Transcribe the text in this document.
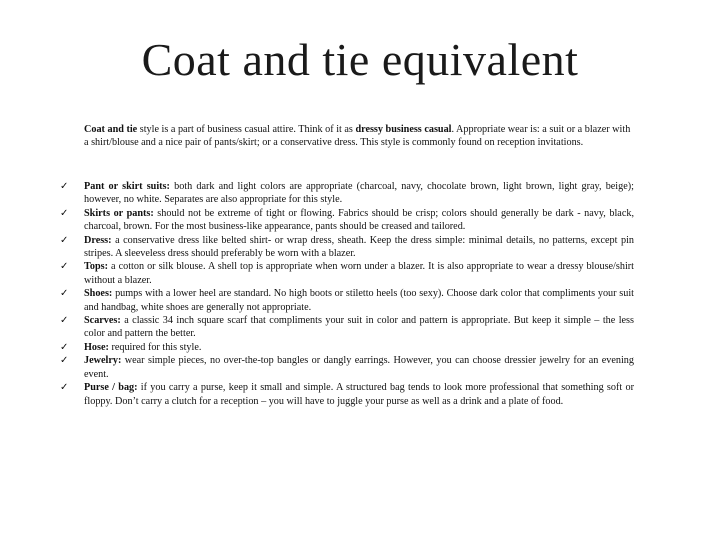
Coat and tie equivalent

Coat and tie style is a part of business casual attire. Think of it as dressy business casual. Appropriate wear is: a suit or a blazer with a shirt/blouse and a nice pair of pants/skirt; or a conservative dress. This style is commonly found on reception invitations.

✓	Pant or skirt suits: both dark and light colors are appropriate (charcoal, navy, chocolate brown, light brown, light gray, beige); however, no white. Separates are also appropriate for this style.
✓	Skirts or pants: should not be extreme of tight or flowing. Fabrics should be crisp; colors should generally be dark - navy, black, charcoal, brown. For the most business-like appearance, pants should be creased and tailored.
✓	Dress: a conservative dress like belted shirt- or wrap dress, sheath. Keep the dress simple: minimal details, no patterns, except pin stripes. A sleeveless dress should preferably be worn with a blazer.
✓	Tops: a cotton or silk blouse. A shell top is appropriate when worn under a blazer. It is also appropriate to wear a dressy blouse/shirt without a blazer.
✓	Shoes: pumps with a lower heel are standard. No high boots or stiletto heels (too sexy). Choose dark color that compliments your suit and handbag, white shoes are generally not appropriate.
✓	Scarves: a classic 34 inch square scarf that compliments your suit in color and pattern is appropriate. But keep it simple – the less color and pattern the better.
✓	Hose: required for this style.
✓	Jewelry: wear simple pieces, no over-the-top bangles or dangly earrings. However, you can choose dressier jewelry for an evening event.
✓	Purse / bag: if you carry a purse, keep it small and simple. A structured bag tends to look more professional that something soft or floppy. Don’t carry a clutch for a reception – you will have to juggle your purse as well as a drink and a plate of food.
